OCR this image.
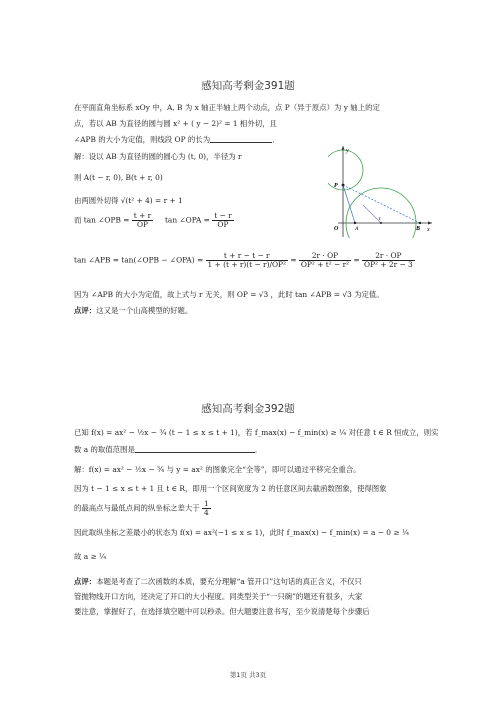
感知高考剩金391题
在平面直角坐标系 xOy 中，A, B 为 x 轴正半轴上两个动点，点 P（异于原点）为 y 轴上的定
点，若以 AB 为直径的圆与圆 x² + ( y − 2)² = 1 相外切，且
∠APB 的大小为定值，则线段 OP 的长为	．
解：设以 AB 为直径的圆的圆心为 (t, 0)，半径为 r
则 A(t − r, 0), B(t + r, 0)
由两圆外切得 √(t² + 4) = r + 1
而 tan ∠OPB = $\frac{t + r}{OP}$ tan ∠OPA = $\frac{t - r}{OP}$
tan ∠APB = tan(∠OPB − ∠OPA) = $\frac{t + r - t - r}{\text{1 + (t + r)(t − r)/OP²}} = \frac{2r \cdot OP}{\text{OP² + t² − r²}} = \frac{2r \cdot OP}{\text{OP² + 2r − 3}}$
因为 ∠APB 的大小为定值，故上式与 r 无关，则 OP = √3 ，此时 tan ∠APB = √3 为定值。
点评：这又是一个山高模型的好题。
y
x
P
O	A	B
t
感知高考剩金392题
已知 f(x) = ax² − ½x − ¾ (t − 1 ≤ x ≤ t + 1)，若 f_max(x) − f_min(x) ≥ ¼ 对任意 t ∈ R 恒成立，则实
数 a 的取值范围是	．
解：f(x) = ax² − ½x − ¾ 与 y = ax² 的图象完全“全等”，即可以通过平移完全重合。
因为 t − 1 ≤ x ≤ t + 1 且 t ∈ R，即用一个区间宽度为 2 的任意区间去截函数图象，使得图象
的最高点与最低点间的纵坐标之差大于 $\frac{1}{4}$
因此取纵坐标之差最小的状态为 f(x) = ax²(−1 ≤ x ≤ 1)，此时 f_max(x) − f_min(x) = a − 0 ≥ ¼
故 a ≥ ¼
点评：本题是考查了二次函数的本质，要充分理解“a 管开口”这句话的真正含义，不仅只
管抛物线开口方向，还决定了开口的大小程度。同类型关于“一只碗”的题还有很多，大家
要注意，掌握好了，在选择填空题中可以秒杀。但大题要注意书写，至少说清楚每个步骤后
第1页 共3页
